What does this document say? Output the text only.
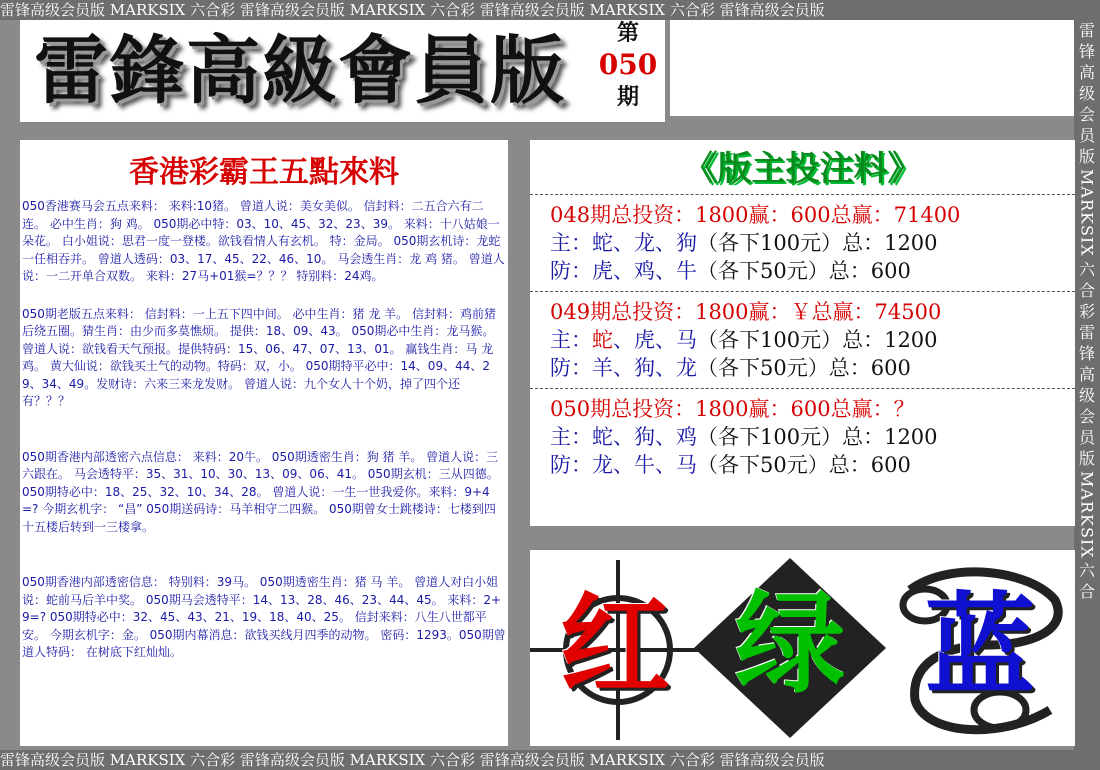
雷锋高级会员版 MARKSIX 六合彩 雷锋高级会员版 MARKSIX 六合彩 雷锋高级会员版 MARKSIX 六合彩 雷锋高级会员版
雷锋高级会员版 MARKSIX 六合彩 雷锋高级会员版 MARKSIX 六合彩 雷锋高级会员版 MARKSIX 六合彩 雷锋高级会员版
雷
锋
高
级
会
员
版
MARKSIX
六
合
彩
雷
锋
高
级
会
员
版
MARKSIX
六
合
雷鋒高級會員版	第
050
期
香港彩霸王五點來料

050香港赛马会五点来料： 来料:10猪。 曾道人说：美女美似。 信封料：二五合六有二连。 必中生肖：狗 鸡。 050期必中特：03、10、45、32、23、39。 来料：十八姑娘一朵花。 白小姐说：思君一度一登楼。欲钱看情人有玄机。 特：金局。 050期玄机诗：龙蛇一任相吞并。 曾道人透码：03、17、45、22、46、10。 马会透生肖：龙 鸡 猪。 曾道人说：一二开单合双数。 来料：27马+01猴=？？？ 特别料：24鸡。

050期老版五点来料： 信封料：一上五下四中间。 必中生肖：猪 龙 羊。 信封料：鸡前猪后绕五圈。猜生肖：由少而多莫憔烦。 提供：18、09、43。 050期必中生肖：龙马猴。曾道人说：欲钱看天气预报。提供特码：15、06、47、07、13、01。 赢钱生肖：马 龙 鸡。 黄大仙说：欲钱买土气的动物。特码：双，小。 050期特平必中：14、09、44、29、34、49。发财诗：六来三来龙发财。 曾道人说：九个女人十个奶，掉了四个还有？？？

050期香港内部透密六点信息： 来料：20牛。 050期透密生肖：狗 猪 羊。 曾道人说：三六跟在。 马会透特平：35、31、10、30、13、09、06、41。 050期玄机：三从四德。 050期特必中：18、25、32、10、34、28。 曾道人说：一生一世我爱你。来料：9+4=? 今期玄机字： “昌” 050期送码诗：马羊相守二四猴。 050期曾女士跳楼诗：七楼到四十五楼后转到一三楼拿。

050期香港内部透密信息： 特别料：39马。 050期透密生肖：猪 马 羊。 曾道人对白小姐说：蛇前马后羊中奖。 050期马会透特平：14、13、28、46、23、44、45。 来料：2+9=? 050期特必中：32、45、43、21、19、18、40、25。 信封来料：八生八世都平安。 今期玄机字：金。 050期内幕消息：欲钱买线月四季的动物。 密码：1293。050期曾道人特码： 在树底下红灿灿。

《版主投注料》
048期总投资：1800赢：600总赢：71400
主：蛇、龙、狗（各下100元）总：1200
防：虎、鸡、牛（各下50元）总：600
049期总投资：1800赢：￥总赢：74500
主：蛇、虎、马（各下100元）总：1200
防：羊、狗、龙（各下50元）总：600
050期总投资：1800赢：600总赢：？
主：蛇、狗、鸡（各下100元）总：1200
防：龙、牛、马（各下50元）总：600
红 绿 蓝
